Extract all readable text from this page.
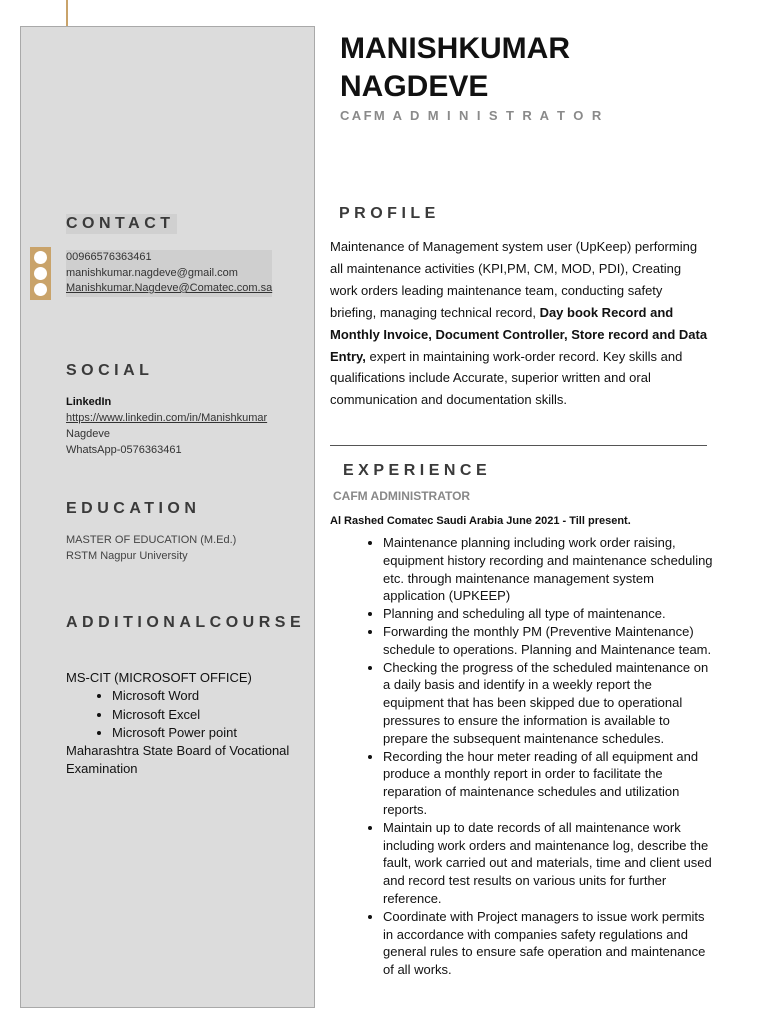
CONTACT
00966576363461
manishkumar.nagdeve@gmail.com
Manishkumar.Nagdeve@Comatec.com.sa
SOCIAL
LinkedIn
https://www.linkedin.com/in/Manishkumar
Nagdeve
WhatsApp-0576363461
EDUCATION
MASTER OF EDUCATION (M.Ed.)
RSTM Nagpur University
ADDITIONALCOURSE
MS-CIT (MICROSOFT OFFICE)
• Microsoft Word
• Microsoft Excel
• Microsoft Power point
Maharashtra State Board of Vocational Examination
MANISHKUMAR
NAGDEVE
CAFM A D M I N I S T R A T O R
PROFILE
Maintenance of Management system user (UpKeep) performing all maintenance activities (KPI,PM, CM, MOD, PDI), Creating work orders leading maintenance team, conducting safety briefing, managing technical record, Day book Record and Monthly Invoice, Document Controller, Store record and Data Entry, expert in maintaining work-order record. Key skills and qualifications include Accurate, superior written and oral communication and documentation skills.
EXPERIENCE
CAFM ADMINISTRATOR
Al Rashed Comatec Saudi Arabia June 2021 - Till present.
• Maintenance planning including work order raising, equipment history recording and maintenance scheduling etc. through maintenance management system application (UPKEEP)
• Planning and scheduling all type of maintenance.
• Forwarding the monthly PM (Preventive Maintenance) schedule to operations. Planning and Maintenance team.
• Checking the progress of the scheduled maintenance on a daily basis and identify in a weekly report the equipment that has been skipped due to operational pressures to ensure the information is available to prepare the subsequent maintenance schedules.
• Recording the hour meter reading of all equipment and produce a monthly report in order to facilitate the reparation of maintenance schedules and utilization reports.
• Maintain up to date records of all maintenance work including work orders and maintenance log, describe the fault, work carried out and materials, time and client used and record test results on various units for further reference.
• Coordinate with Project managers to issue work permits in accordance with companies safety regulations and general rules to ensure safe operation and maintenance of all works.
